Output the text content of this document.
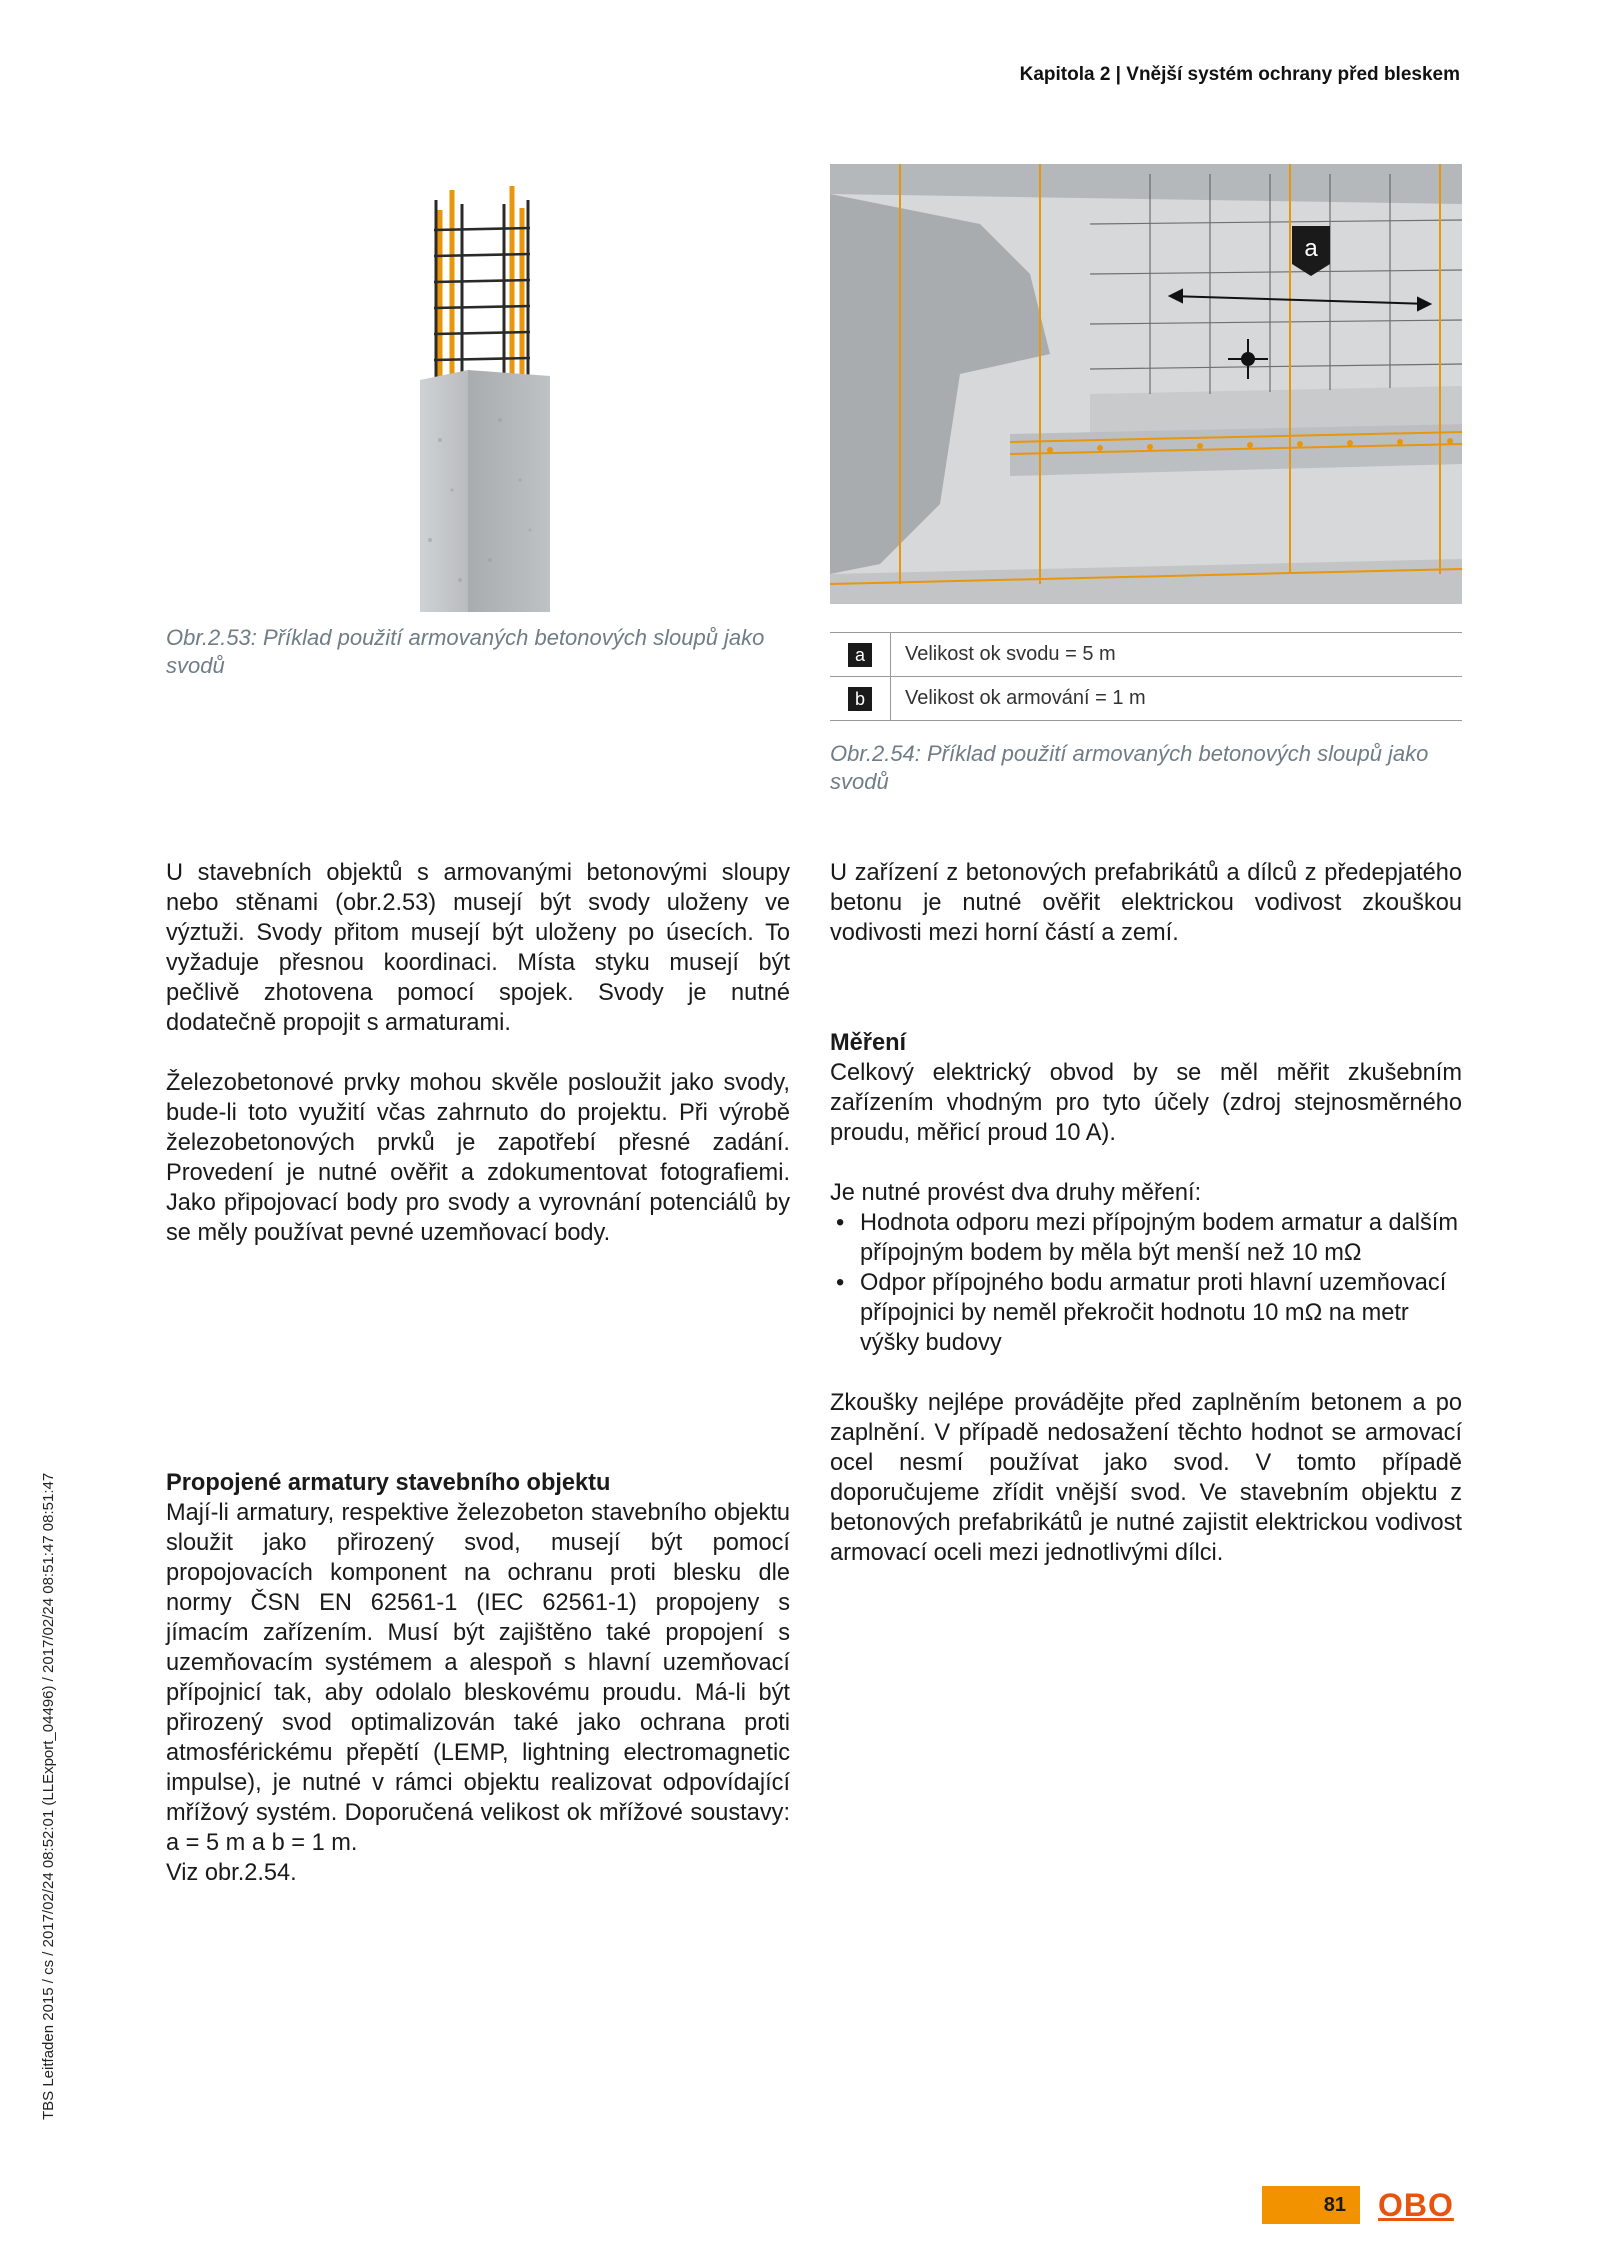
Kapitola 2 | Vnější systém ochrany před bleskem
TBS Leitfaden 2015 / cs / 2017/02/24 08:52:01 (LLExport_04496) / 2017/02/24 08:51:47 08:51:47
Obr.2.53: Příklad použití armovaných betonových sloupů jako svodů
a
a	Velikost ok svodu = 5 m
b	Velikost ok armování = 1 m
Obr.2.54: Příklad použití armovaných betonových sloupů jako svodů

U stavebních objektů s armovanými betonovými sloupy nebo stěnami (obr.2.53) musejí být svody uloženy ve výztuži. Svody přitom musejí být uloženy po úsecích. To vyžaduje přesnou koordinaci. Místa styku musejí být pečlivě zhotovena pomocí spojek. Svody je nutné dodatečně propojit s armaturami.

Železobetonové prvky mohou skvěle posloužit jako svody, bude-li toto využití včas zahrnuto do projektu. Při výrobě železobetonových prvků je zapotřebí přesné zadání. Provedení je nutné ověřit a zdokumentovat fotografiemi. Jako připojovací body pro svody a vyrovnání potenciálů by se měly používat pevné uzemňovací body.

Propojené armatury stavebního objektu

Mají-li armatury, respektive železobeton stavebního objektu sloužit jako přirozený svod, musejí být pomocí propojovacích komponent na ochranu proti blesku dle normy ČSN EN 62561-1 (IEC 62561-1) propojeny s jímacím zařízením. Musí být zajištěno také propojení s uzemňovacím systémem a alespoň s hlavní uzemňovací přípojnicí tak, aby odolalo bleskovému proudu. Má-li být přirozený svod optimalizován také jako ochrana proti atmosférickému přepětí (LEMP, lightning electromagnetic impulse), je nutné v rámci objektu realizovat odpovídající mřížový systém. Doporučená velikost ok mřížové soustavy: a = 5 m a b = 1 m.

Viz obr.2.54.

U zařízení z betonových prefabrikátů a dílců z předepjatého betonu je nutné ověřit elektrickou vodivost zkouškou vodivosti mezi horní částí a zemí.

Měření

Celkový elektrický obvod by se měl měřit zkušebním zařízením vhodným pro tyto účely (zdroj stejnosměrného proudu, měřicí proud 10 A).

Je nutné provést dva druhy měření:

• Hodnota odporu mezi přípojným bodem armatur a dalším přípojným bodem by měla být menší než 10 mΩ
• Odpor přípojného bodu armatur proti hlavní uzemňovací přípojnici by neměl překročit hodnotu 10 mΩ na metr výšky budovy

Zkoušky nejlépe provádějte před zaplněním betonem a po zaplnění. V případě nedosažení těchto hodnot se armovací ocel nesmí používat jako svod. V tomto případě doporučujeme zřídit vnější svod. Ve stavebním objektu z betonových prefabrikátů je nutné zajistit elektrickou vodivost armovací oceli mezi jednotlivými dílci.

81	OBO
